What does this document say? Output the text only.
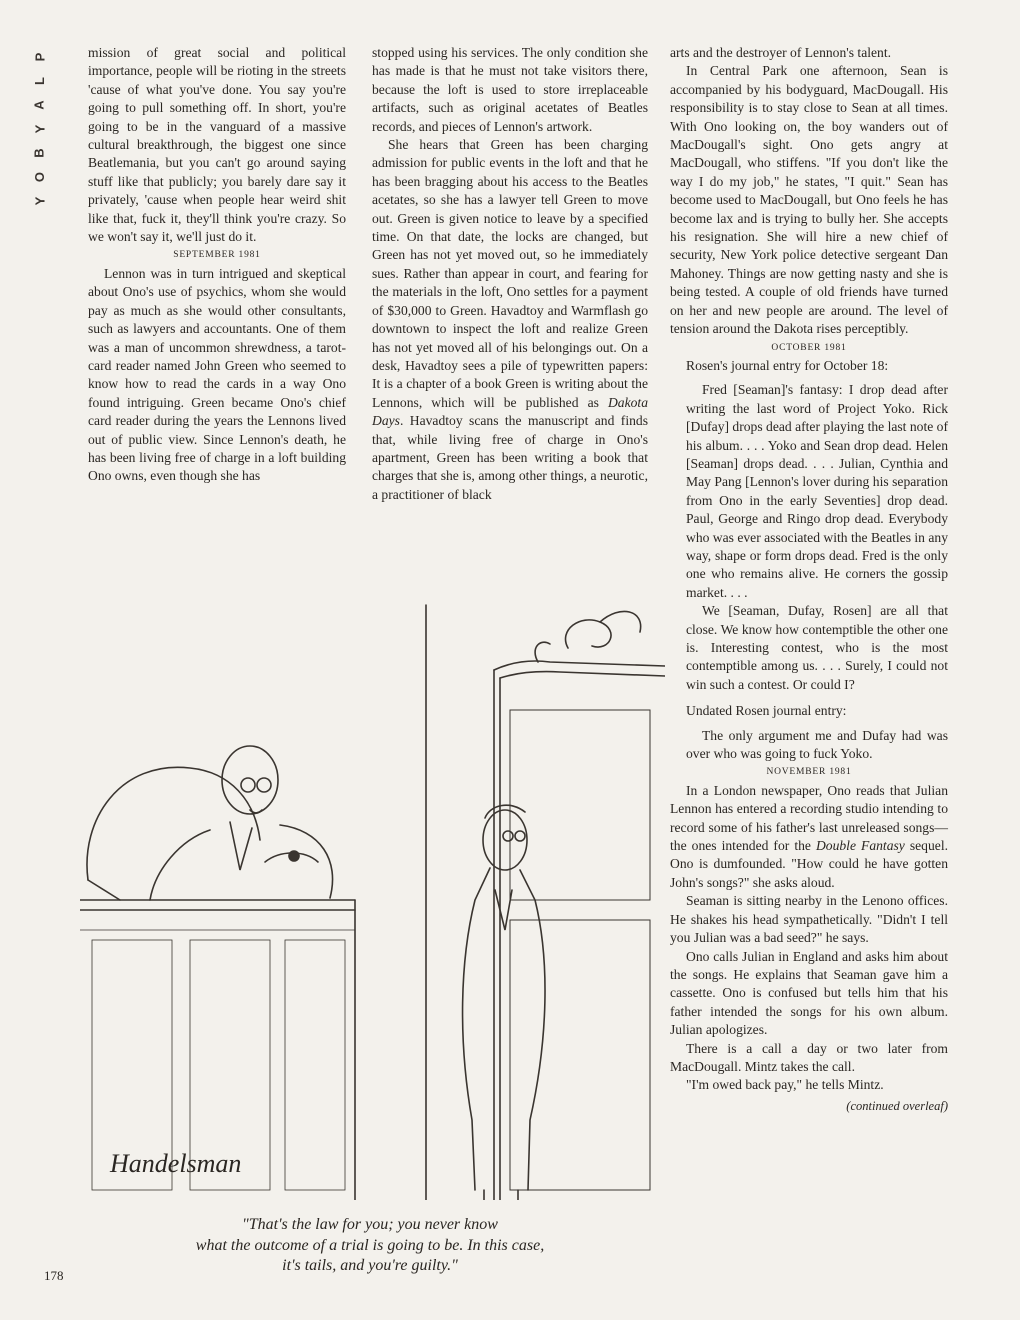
P
L
A
Y
B
O
Y

mission of great social and political importance, people will be rioting in the streets 'cause of what you've done. You say you're going to pull something off. In short, you're going to be in the vanguard of a massive cultural breakthrough, the biggest one since Beatlemania, but you can't go around saying stuff like that publicly; you barely dare say it privately, 'cause when people hear weird shit like that, fuck it, they'll think you're crazy. So we won't say it, we'll just do it.

SEPTEMBER 1981

Lennon was in turn intrigued and skeptical about Ono's use of psychics, whom she would pay as much as she would other consultants, such as lawyers and accountants. One of them was a man of uncommon shrewdness, a tarot-card reader named John Green who seemed to know how to read the cards in a way Ono found intriguing. Green became Ono's chief card reader during the years the Lennons lived out of public view. Since Lennon's death, he has been living free of charge in a loft building Ono owns, even though she has

stopped using his services. The only condition she has made is that he must not take visitors there, because the loft is used to store irreplaceable artifacts, such as original acetates of Beatles records, and pieces of Lennon's artwork.

She hears that Green has been charging admission for public events in the loft and that he has been bragging about his access to the Beatles acetates, so she has a lawyer tell Green to move out. Green is given notice to leave by a specified time. On that date, the locks are changed, but Green has not yet moved out, so he immediately sues. Rather than appear in court, and fearing for the materials in the loft, Ono settles for a payment of $30,000 to Green. Havadtoy and Warmflash go downtown to inspect the loft and realize Green has not yet moved all of his belongings out. On a desk, Havadtoy sees a pile of typewritten papers: It is a chapter of a book Green is writing about the Lennons, which will be published as Dakota Days. Havadtoy scans the manuscript and finds that, while living free of charge in Ono's apartment, Green has been writing a book that charges that she is, among other things, a neurotic, a practitioner of black

arts and the destroyer of Lennon's talent.

In Central Park one afternoon, Sean is accompanied by his bodyguard, MacDougall. His responsibility is to stay close to Sean at all times. With Ono looking on, the boy wanders out of MacDougall's sight. Ono gets angry at MacDougall, who stiffens. "If you don't like the way I do my job," he states, "I quit." Sean has become used to MacDougall, but Ono feels he has become lax and is trying to bully her. She accepts his resignation. She will hire a new chief of security, New York police detective sergeant Dan Mahoney. Things are now getting nasty and she is being tested. A couple of old friends have turned on her and new people are around. The level of tension around the Dakota rises perceptibly.

OCTOBER 1981

Rosen's journal entry for October 18:

Fred [Seaman]'s fantasy: I drop dead after writing the last word of Project Yoko. Rick [Dufay] drops dead after playing the last note of his album. . . . Yoko and Sean drop dead. Helen [Seaman] drops dead. . . . Julian, Cynthia and May Pang [Lennon's lover during his separation from Ono in the early Seventies] drop dead. Paul, George and Ringo drop dead. Everybody who was ever associated with the Beatles in any way, shape or form drops dead. Fred is the only one who remains alive. He corners the gossip market. . . .

We [Seaman, Dufay, Rosen] are all that close. We know how contemptible the other one is. Interesting contest, who is the most contemptible among us. . . . Surely, I could not win such a contest. Or could I?

Undated Rosen journal entry:

The only argument me and Dufay had was over who was going to fuck Yoko.

NOVEMBER 1981

In a London newspaper, Ono reads that Julian Lennon has entered a recording studio intending to record some of his father's last unreleased songs—the ones intended for the Double Fantasy sequel. Ono is dumfounded. "How could he have gotten John's songs?" she asks aloud.

Seaman is sitting nearby in the Lenono offices. He shakes his head sympathetically. "Didn't I tell you Julian was a bad seed?" he says.

Ono calls Julian in England and asks him about the songs. He explains that Seaman gave him a cassette. Ono is confused but tells him that his father intended the songs for his own album. Julian apologizes.

There is a call a day or two later from MacDougall. Mintz takes the call.

"I'm owed back pay," he tells Mintz.

(continued overleaf)
Handelsman
"That's the law for you; you never know
what the outcome of a trial is going to be. In this case,
it's tails, and you're guilty."
178
